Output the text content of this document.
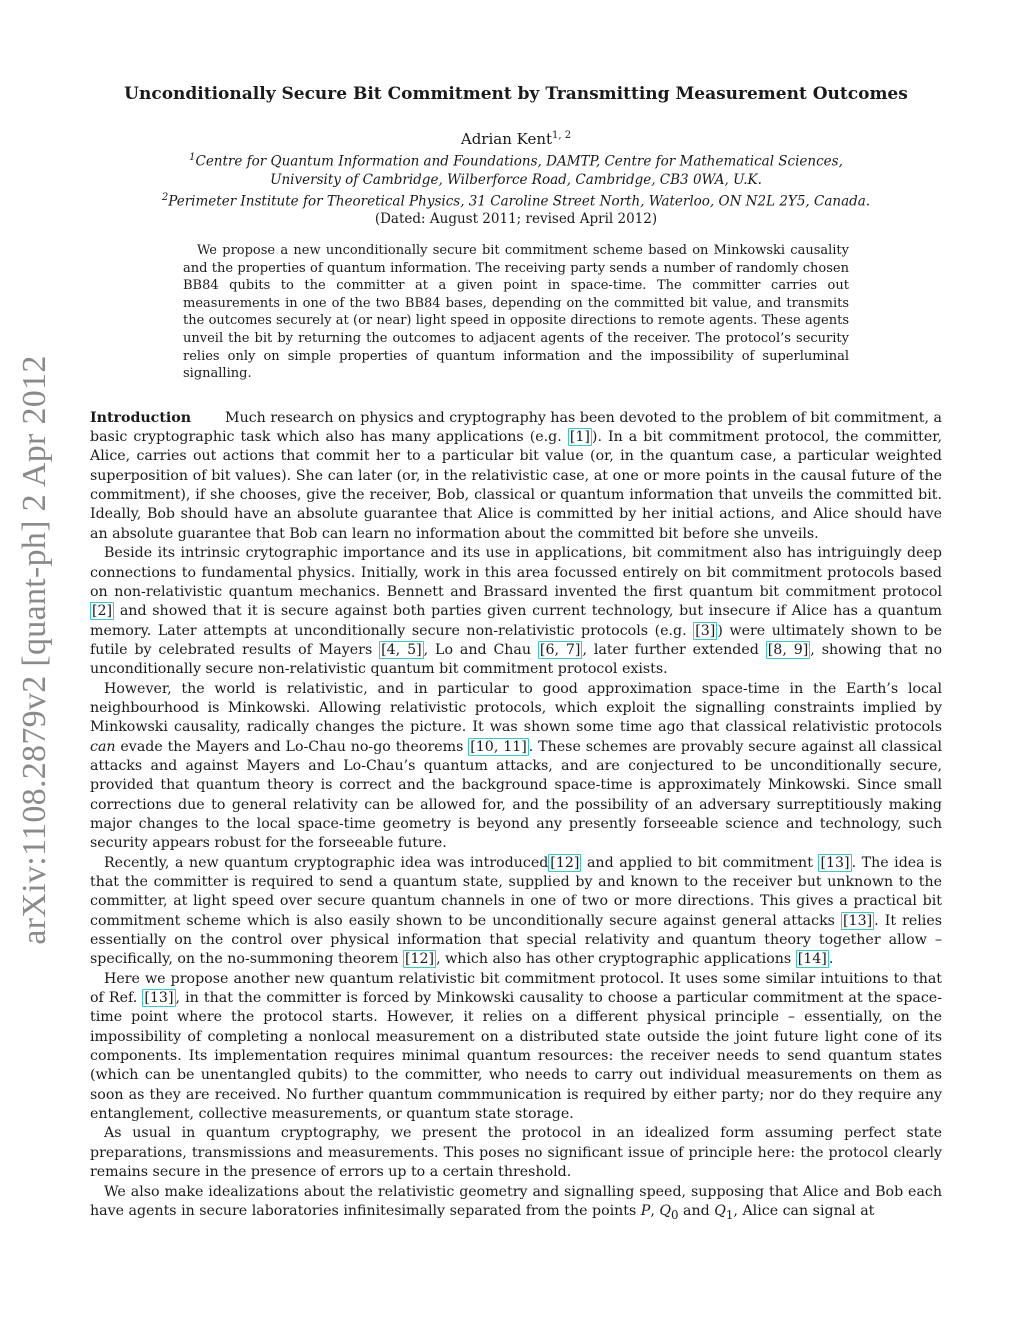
arXiv:1108.2879v2 [quant-ph] 2 Apr 2012
Unconditionally Secure Bit Commitment by Transmitting Measurement Outcomes
Adrian Kent$^{1, 2}$
$^1$Centre for Quantum Information and Foundations, DAMTP, Centre for Mathematical Sciences,
University of Cambridge, Wilberforce Road, Cambridge, CB3 0WA, U.K.
$^2$Perimeter Institute for Theoretical Physics, 31 Caroline Street North, Waterloo, ON N2L 2Y5, Canada.
(Dated: August 2011; revised April 2012)
We propose a new unconditionally secure bit commitment scheme based on Minkowski causality and the properties of quantum information. The receiving party sends a number of randomly chosen BB84 qubits to the committer at a given point in space-time. The committer carries out measurements in one of the two BB84 bases, depending on the committed bit value, and transmits the outcomes securely at (or near) light speed in opposite directions to remote agents. These agents unveil the bit by returning the outcomes to adjacent agents of the receiver. The protocol’s security relies only on simple properties of quantum information and the impossibility of superluminal signalling.

Introduction Much research on physics and cryptography has been devoted to the problem of bit commitment, a basic cryptographic task which also has many applications (e.g. [1] ). In a bit commitment protocol, the committer, Alice, carries out actions that commit her to a particular bit value (or, in the quantum case, a particular weighted superposition of bit values). She can later (or, in the relativistic case, at one or more points in the causal future of the commitment), if she chooses, give the receiver, Bob, classical or quantum information that unveils the committed bit. Ideally, Bob should have an absolute guarantee that Alice is committed by her initial actions, and Alice should have an absolute guarantee that Bob can learn no information about the committed bit before she unveils.

Beside its intrinsic crytographic importance and its use in applications, bit commitment also has intriguingly deep connections to fundamental physics. Initially, work in this area focussed entirely on bit commitment protocols based on non-relativistic quantum mechanics. Bennett and Brassard invented the first quantum bit commitment protocol [2] and showed that it is secure against both parties given current technology, but insecure if Alice has a quantum memory. Later attempts at unconditionally secure non-relativistic protocols (e.g. [3] ) were ultimately shown to be futile by celebrated results of Mayers [4, 5] , Lo and Chau [6, 7] , later further extended [8, 9] , showing that no unconditionally secure non-relativistic quantum bit commitment protocol exists.

However, the world is relativistic, and in particular to good approximation space-time in the Earth’s local neighbourhood is Minkowski. Allowing relativistic protocols, which exploit the signalling constraints implied by Minkowski causality, radically changes the picture. It was shown some time ago that classical relativistic protocols can evade the Mayers and Lo-Chau no-go theorems [10, 11] . These schemes are provably secure against all classical attacks and against Mayers and Lo-Chau’s quantum attacks, and are conjectured to be unconditionally secure, provided that quantum theory is correct and the background space-time is approximately Minkowski. Since small corrections due to general relativity can be allowed for, and the possibility of an adversary surreptitiously making major changes to the local space-time geometry is beyond any presently forseeable science and technology, such security appears robust for the forseeable future.

Recently, a new quantum cryptographic idea was introduced [12] and applied to bit commitment [13] . The idea is that the committer is required to send a quantum state, supplied by and known to the receiver but unknown to the committer, at light speed over secure quantum channels in one of two or more directions. This gives a practical bit commitment scheme which is also easily shown to be unconditionally secure against general attacks [13] . It relies essentially on the control over physical information that special relativity and quantum theory together allow – specifically, on the no-summoning theorem [12] , which also has other cryptographic applications [14] .

Here we propose another new quantum relativistic bit commitment protocol. It uses some similar intuitions to that of Ref. [13] , in that the committer is forced by Minkowski causality to choose a particular commitment at the space-time point where the protocol starts. However, it relies on a different physical principle – essentially, on the impossibility of completing a nonlocal measurement on a distributed state outside the joint future light cone of its components. Its implementation requires minimal quantum resources: the receiver needs to send quantum states (which can be unentangled qubits) to the committer, who needs to carry out individual measurements on them as soon as they are received. No further quantum commmunication is required by either party; nor do they require any entanglement, collective measurements, or quantum state storage.

As usual in quantum cryptography, we present the protocol in an idealized form assuming perfect state preparations, transmissions and measurements. This poses no significant issue of principle here: the protocol clearly remains secure in the presence of errors up to a certain threshold.

We also make idealizations about the relativistic geometry and signalling speed, supposing that Alice and Bob each have agents in secure laboratories infinitesimally separated from the points P, $Q_0$ and $Q_1$, Alice can signal at
